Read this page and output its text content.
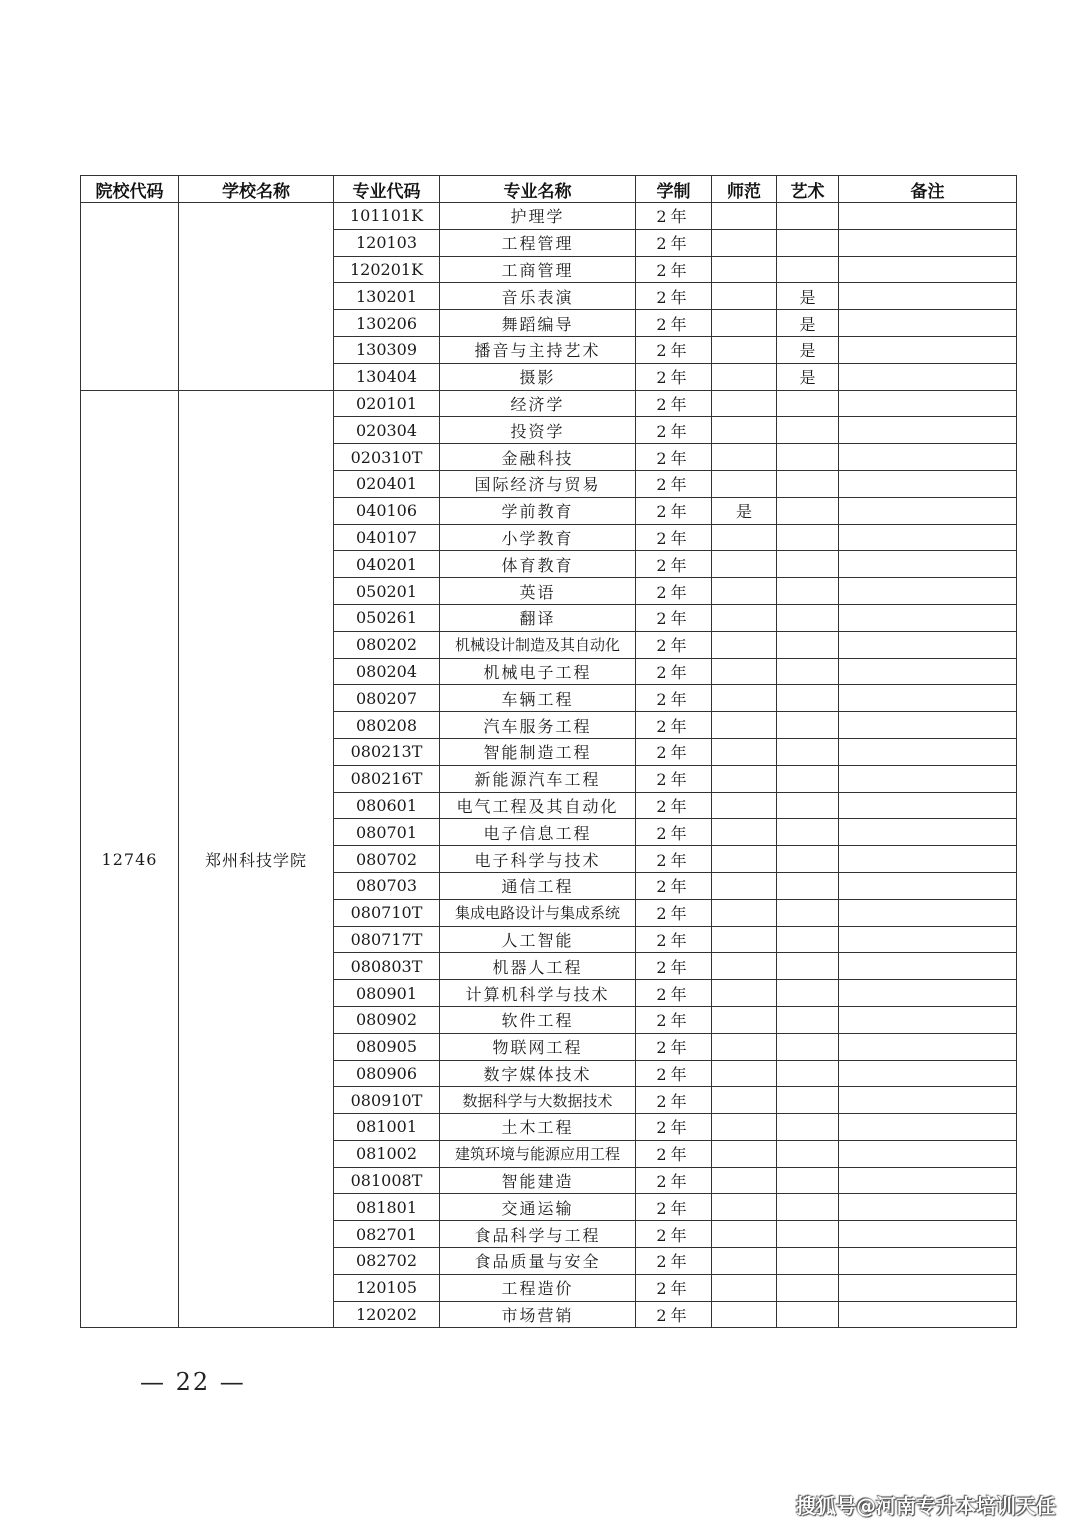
院校代码	学校名称	专业代码	专业名称	学制	师范	艺术	备注
		101101K	护理学	2年			
		120103	工程管理	2年			
		120201K	工商管理	2年			
		130201	音乐表演	2年		是	
		130206	舞蹈编导	2年		是	
		130309	播音与主持艺术	2年		是	
		130404	摄影	2年		是	
12746	郑州科技学院	020101	经济学	2年			
		020304	投资学	2年			
		020310T	金融科技	2年			
		020401	国际经济与贸易	2年			
		040106	学前教育	2年	是		
		040107	小学教育	2年			
		040201	体育教育	2年			
		050201	英语	2年			
		050261	翻译	2年			
		080202	机械设计制造及其自动化	2年			
		080204	机械电子工程	2年			
		080207	车辆工程	2年			
		080208	汽车服务工程	2年			
		080213T	智能制造工程	2年			
		080216T	新能源汽车工程	2年			
		080601	电气工程及其自动化	2年			
		080701	电子信息工程	2年			
		080702	电子科学与技术	2年			
		080703	通信工程	2年			
		080710T	集成电路设计与集成系统	2年			
		080717T	人工智能	2年			
		080803T	机器人工程	2年			
		080901	计算机科学与技术	2年			
		080902	软件工程	2年			
		080905	物联网工程	2年			
		080906	数字媒体技术	2年			
		080910T	数据科学与大数据技术	2年			
		081001	土木工程	2年			
		081002	建筑环境与能源应用工程	2年			
		081008T	智能建造	2年			
		081801	交通运输	2年			
		082701	食品科学与工程	2年			
		082702	食品质量与安全	2年			
		120105	工程造价	2年			
		120202	市场营销	2年			
— 22 —
搜狐号@河南专升本培训天任
